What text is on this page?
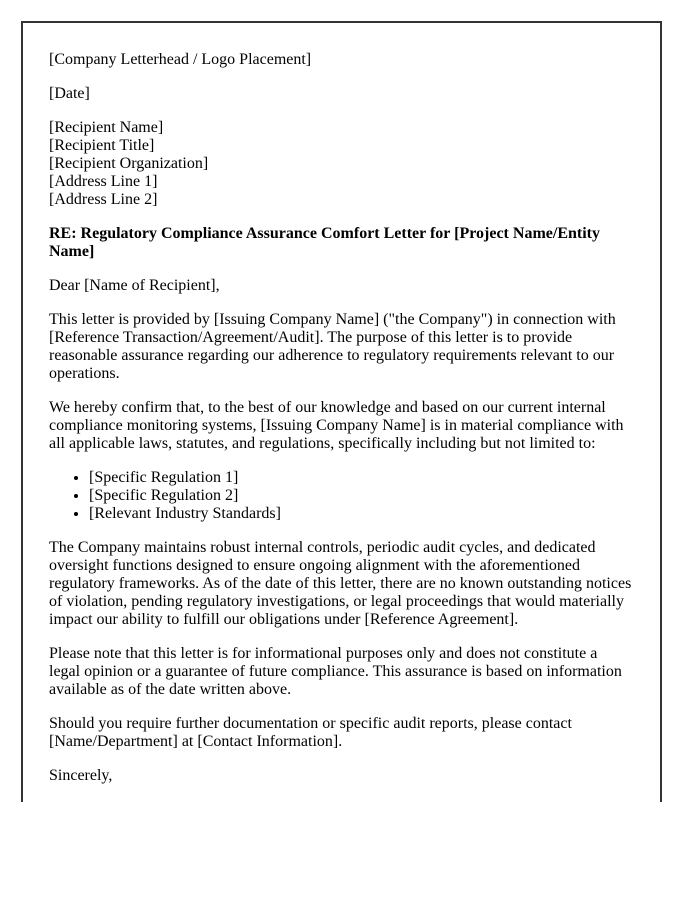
[Company Letterhead / Logo Placement]

[Date]

[Recipient Name]
[Recipient Title]
[Recipient Organization]
[Address Line 1]
[Address Line 2]

RE: Regulatory Compliance Assurance Comfort Letter for [Project Name/Entity Name]

Dear [Name of Recipient],

This letter is provided by [Issuing Company Name] ("the Company") in connection with [Reference Transaction/Agreement/Audit]. The purpose of this letter is to provide reasonable assurance regarding our adherence to regulatory requirements relevant to our operations.

We hereby confirm that, to the best of our knowledge and based on our current internal compliance monitoring systems, [Issuing Company Name] is in material compliance with all applicable laws, statutes, and regulations, specifically including but not limited to:

• [Specific Regulation 1]
• [Specific Regulation 2]
• [Relevant Industry Standards]

The Company maintains robust internal controls, periodic audit cycles, and dedicated oversight functions designed to ensure ongoing alignment with the aforementioned regulatory frameworks. As of the date of this letter, there are no known outstanding notices of violation, pending regulatory investigations, or legal proceedings that would materially impact our ability to fulfill our obligations under [Reference Agreement].

Please note that this letter is for informational purposes only and does not constitute a legal opinion or a guarantee of future compliance. This assurance is based on information available as of the date written above.

Should you require further documentation or specific audit reports, please contact [Name/Department] at [Contact Information].

Sincerely,
